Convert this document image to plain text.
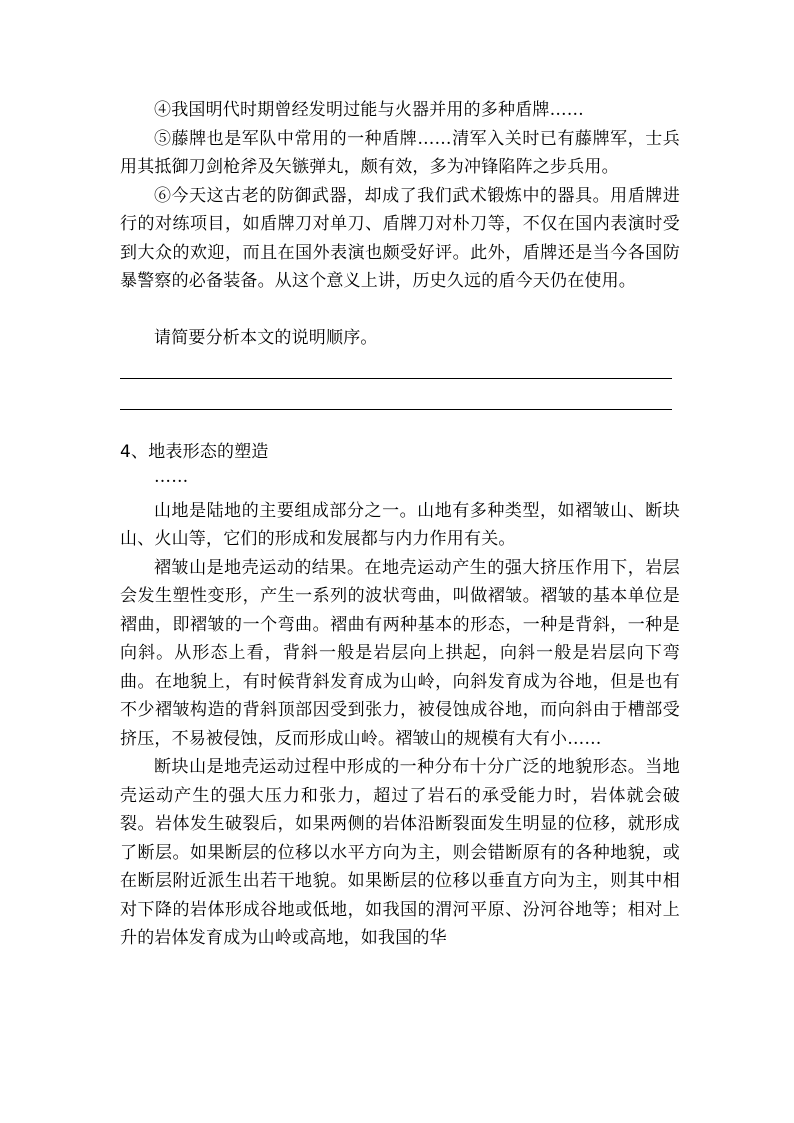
④我国明代时期曾经发明过能与火器并用的多种盾牌……

⑤藤牌也是军队中常用的一种盾牌……清军入关时已有藤牌军，士兵用其抵御刀剑枪斧及矢镞弹丸，颇有效，多为冲锋陷阵之步兵用。

⑥今天这古老的防御武器，却成了我们武术锻炼中的器具。用盾牌进行的对练项目，如盾牌刀对单刀、盾牌刀对朴刀等，不仅在国内表演时受到大众的欢迎，而且在国外表演也颇受好评。此外，盾牌还是当今各国防暴警察的必备装备。从这个意义上讲，历史久远的盾今天仍在使用。

请简要分析本文的说明顺序。

4、地表形态的塑造

……

山地是陆地的主要组成部分之一。山地有多种类型，如褶皱山、断块山、火山等，它们的形成和发展都与内力作用有关。

褶皱山是地壳运动的结果。在地壳运动产生的强大挤压作用下，岩层会发生塑性变形，产生一系列的波状弯曲，叫做褶皱。褶皱的基本单位是褶曲，即褶皱的一个弯曲。褶曲有两种基本的形态，一种是背斜，一种是向斜。从形态上看，背斜一般是岩层向上拱起，向斜一般是岩层向下弯曲。在地貌上，有时候背斜发育成为山岭，向斜发育成为谷地，但是也有不少褶皱构造的背斜顶部因受到张力，被侵蚀成谷地，而向斜由于槽部受挤压，不易被侵蚀，反而形成山岭。褶皱山的规模有大有小……

断块山是地壳运动过程中形成的一种分布十分广泛的地貌形态。当地壳运动产生的强大压力和张力，超过了岩石的承受能力时，岩体就会破裂。岩体发生破裂后，如果两侧的岩体沿断裂面发生明显的位移，就形成了断层。如果断层的位移以水平方向为主，则会错断原有的各种地貌，或在断层附近派生出若干地貌。如果断层的位移以垂直方向为主，则其中相对下降的岩体形成谷地或低地，如我国的渭河平原、汾河谷地等；相对上升的岩体发育成为山岭或高地，如我国的华
